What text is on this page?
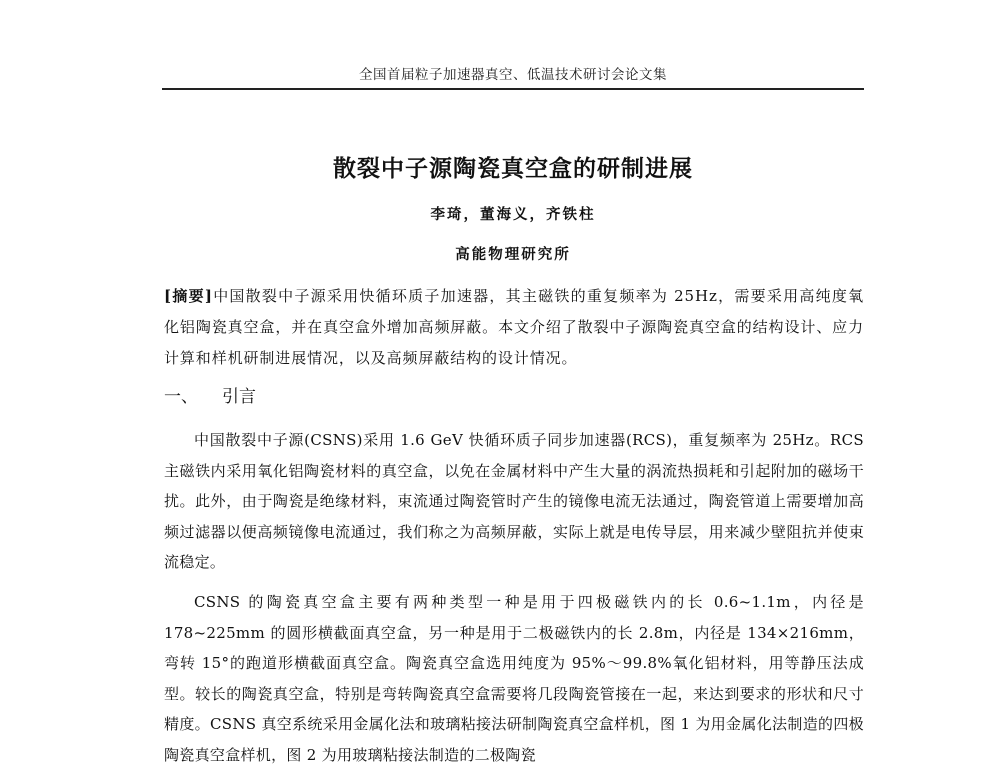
全国首届粒子加速器真空、低温技术研讨会论文集
散裂中子源陶瓷真空盒的研制进展
李琦，董海义，齐铁柱
高能物理研究所
[摘要]中国散裂中子源采用快循环质子加速器，其主磁铁的重复频率为 25Hz，需要采用高纯度氧化铝陶瓷真空盒，并在真空盒外增加高频屏蔽。本文介绍了散裂中子源陶瓷真空盒的结构设计、应力计算和样机研制进展情况，以及高频屏蔽结构的设计情况。
一、 引言

中国散裂中子源(CSNS)采用 1.6 GeV 快循环质子同步加速器(RCS)，重复频率为 25Hz。RCS 主磁铁内采用氧化铝陶瓷材料的真空盒，以免在金属材料中产生大量的涡流热损耗和引起附加的磁场干扰。此外，由于陶瓷是绝缘材料，束流通过陶瓷管时产生的镜像电流无法通过，陶瓷管道上需要增加高频过滤器以便高频镜像电流通过，我们称之为高频屏蔽，实际上就是电传导层，用来减少壁阻抗并使束流稳定。

CSNS 的陶瓷真空盒主要有两种类型一种是用于四极磁铁内的长 0.6~1.1m，内径是178~225mm 的圆形横截面真空盒，另一种是用于二极磁铁内的长 2.8m，内径是 134×216mm，弯转 15°的跑道形横截面真空盒。陶瓷真空盒选用纯度为 95%～99.8%氧化铝材料，用等静压法成型。较长的陶瓷真空盒，特别是弯转陶瓷真空盒需要将几段陶瓷管接在一起，来达到要求的形状和尺寸精度。CSNS 真空系统采用金属化法和玻璃粘接法研制陶瓷真空盒样机，图 1 为用金属化法制造的四极陶瓷真空盒样机，图 2 为用玻璃粘接法制造的二极陶瓷
